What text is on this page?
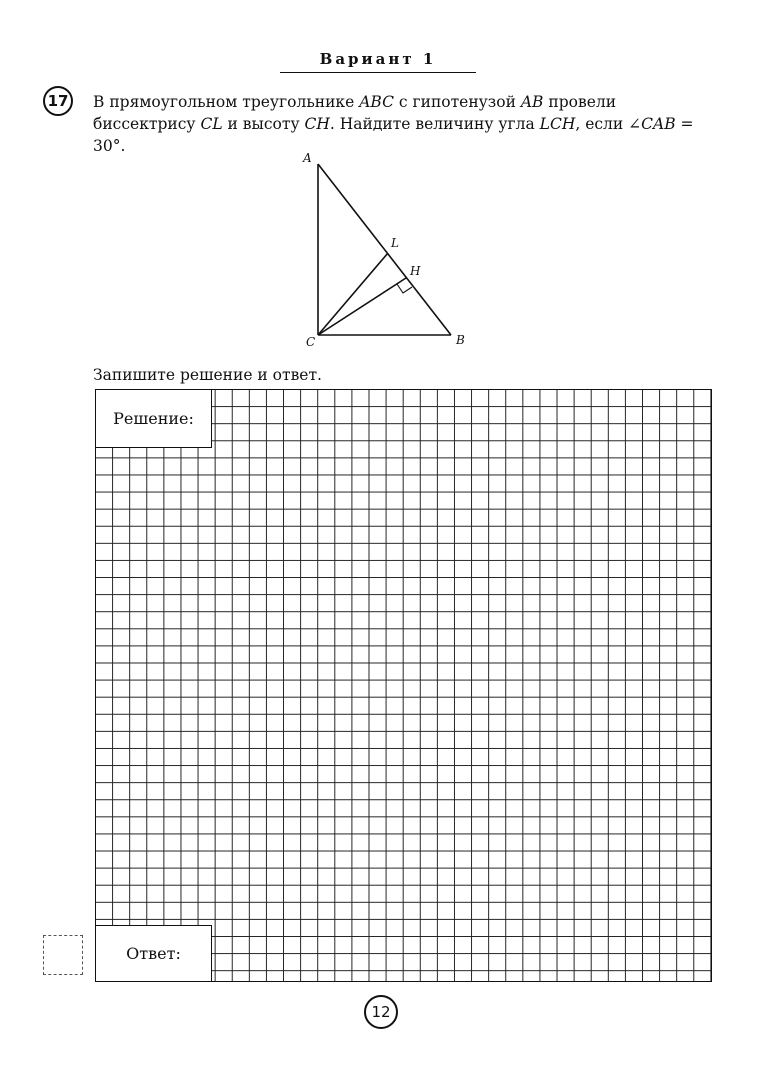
Вариант 1
17 В прямоугольном треугольнике ABC с гипотенузой AB провели биссектрису CL и высоту CH. Найдите величину угла LCH, если ∠CAB = 30°.
A
L
H
C	B
Запишите решение и ответ.
Решение:
Ответ:
12
